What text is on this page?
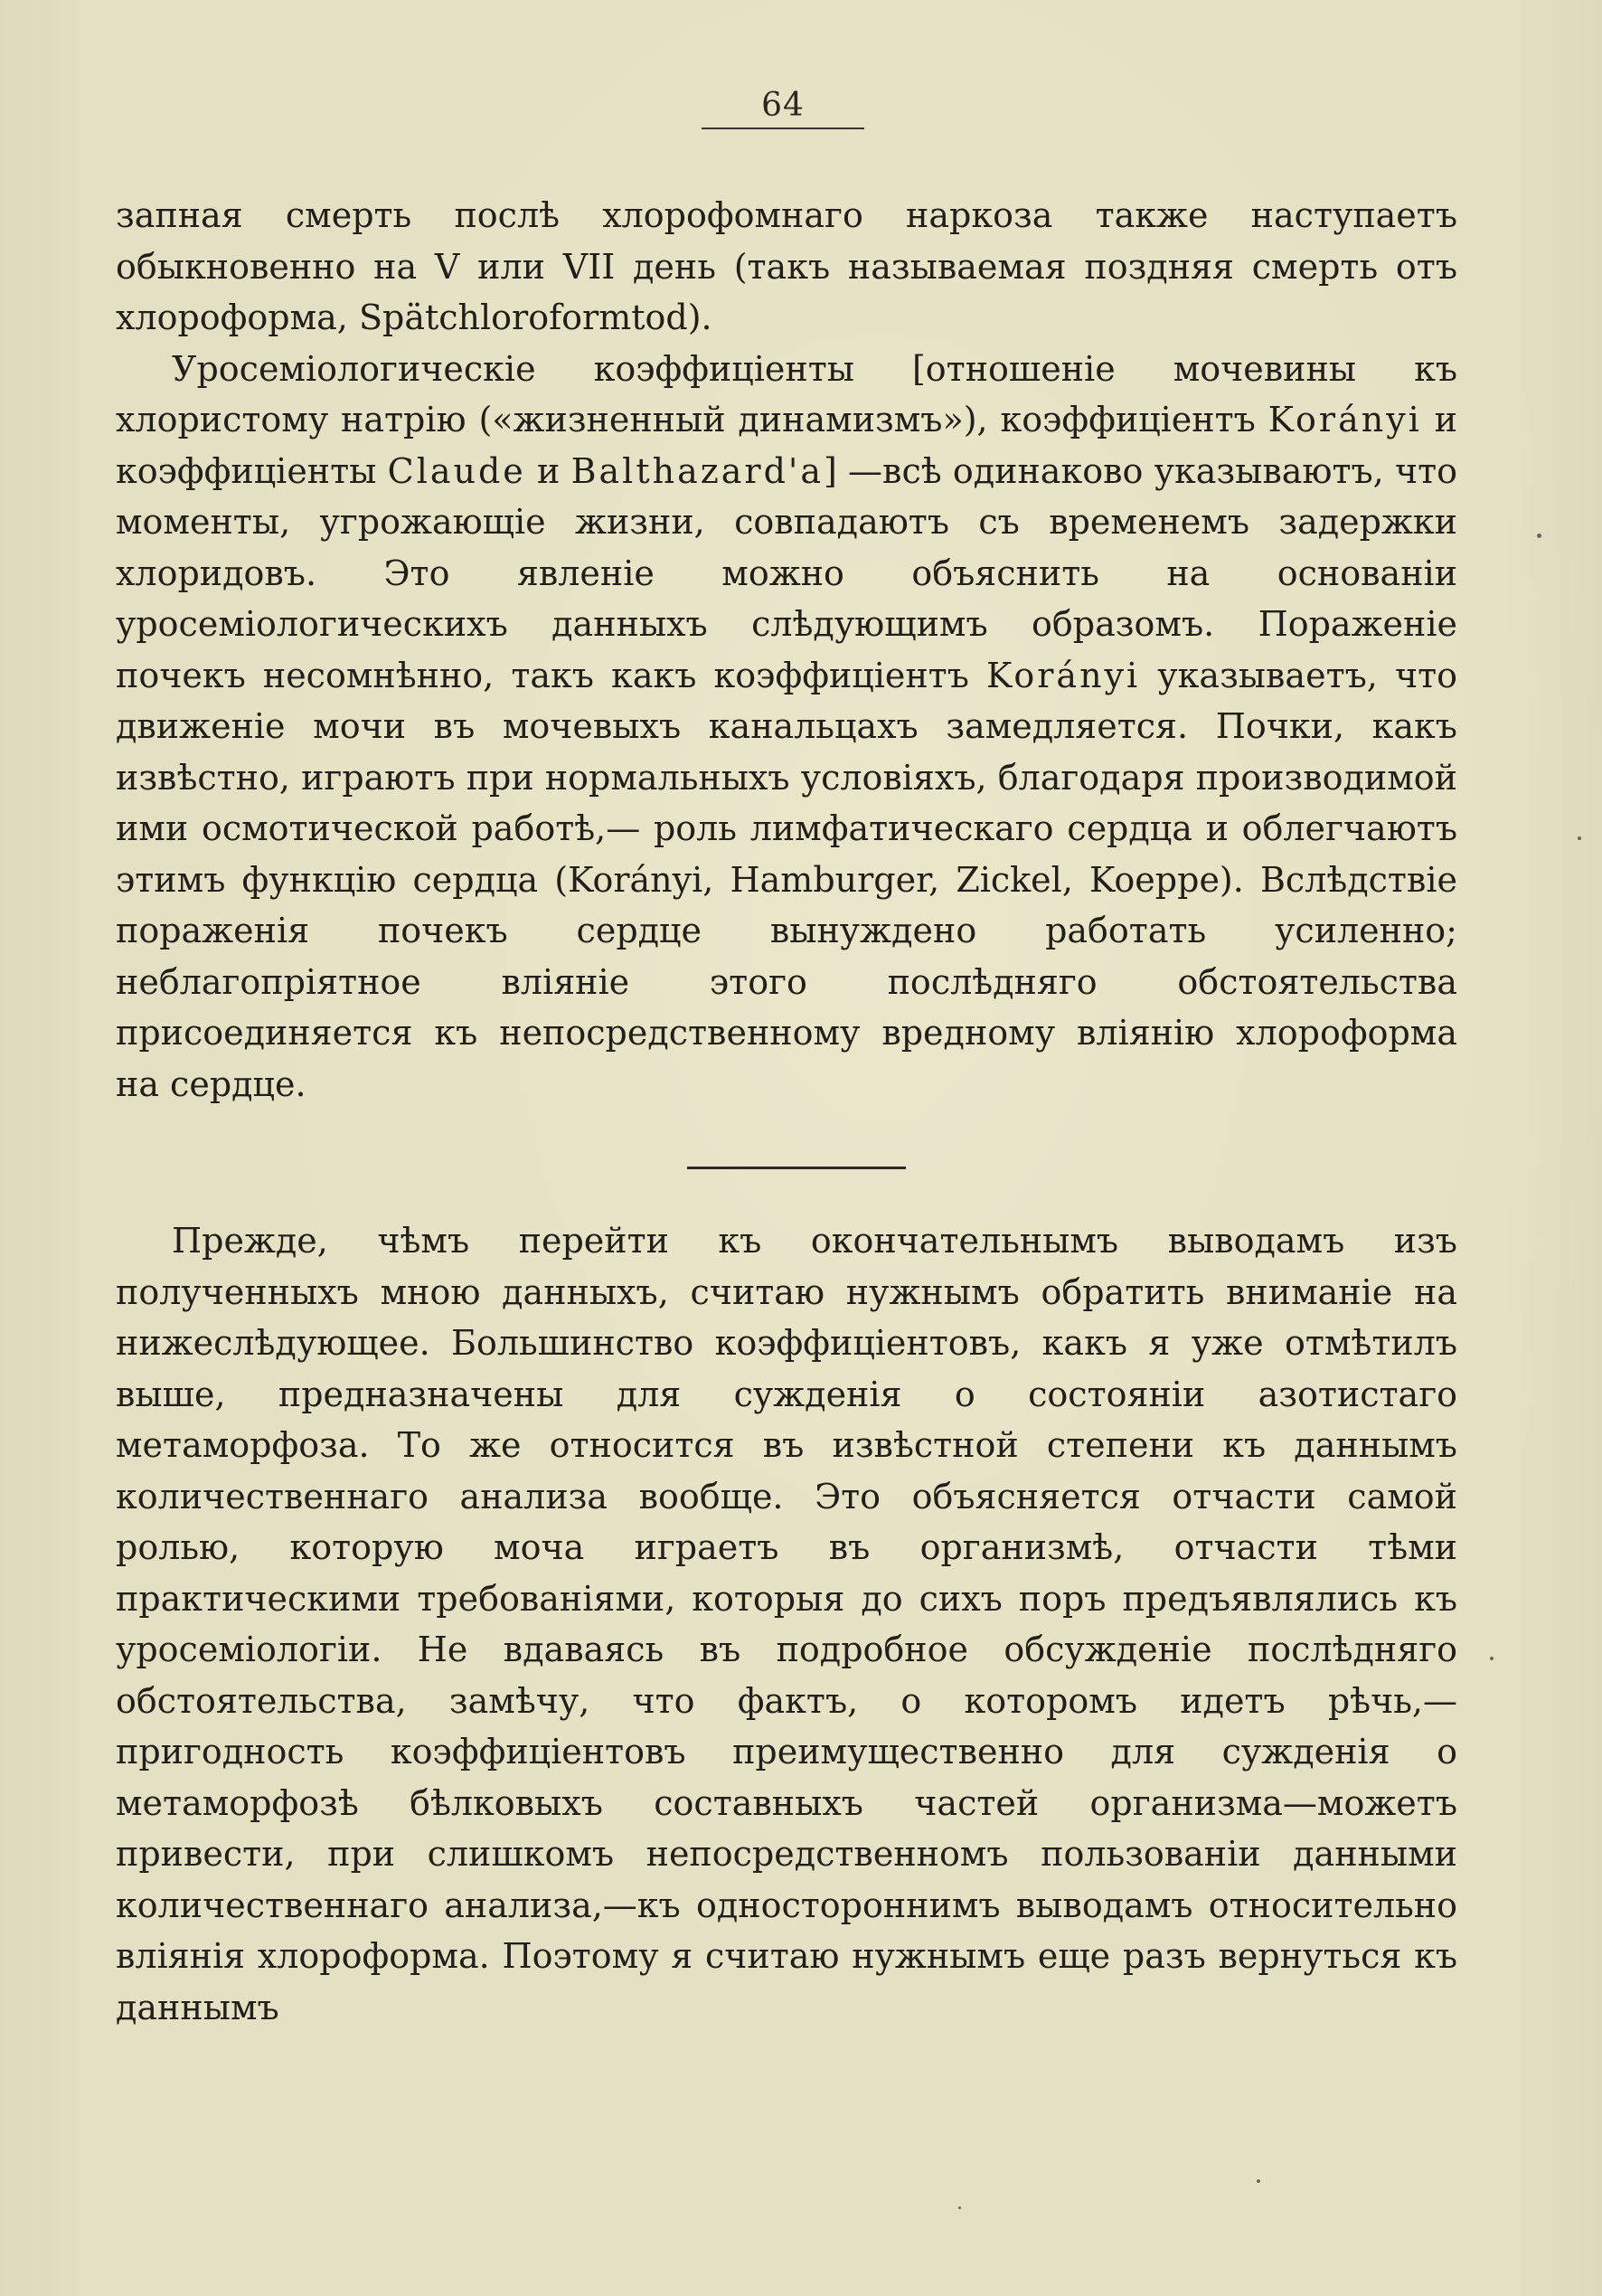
64

запная смерть послѣ хлорофомнаго наркоза также наступаетъ обыкновенно на V или VII день (такъ называемая поздняя смерть отъ хлороформа, Spätchloroformtod).

Уросеміологическіе коэффиціенты [отношеніе мочевины къ хлористому натрію («жизненный динамизмъ»), коэффиціентъ Korányi и коэффиціенты Claude и Balthazard'a] —всѣ одинаково указываютъ, что моменты, угрожающіе жизни, совпадаютъ съ временемъ задержки хлоридовъ. Это явленіе можно объяснить на основаніи уросеміологическихъ данныхъ слѣдующимъ образомъ. Пораженіе почекъ несомнѣнно, такъ какъ коэффиціентъ Korányi указываетъ, что движеніе мочи въ мочевыхъ канальцахъ замедляется. Почки, какъ извѣстно, играютъ при нормальныхъ условіяхъ, благодаря производимой ими осмотической работѣ,— роль лимфатическаго сердца и облегчаютъ этимъ функцію сердца (Korányi, Hamburger, Zickel, Koeppe). Вслѣдствіе пораженія почекъ сердце вынуждено работать усиленно; неблагопріятное вліяніе этого послѣдняго обстоятельства присоединяется къ непосредственному вредному вліянію хлороформа на сердце.

Прежде, чѣмъ перейти къ окончательнымъ выводамъ изъ полученныхъ мною данныхъ, считаю нужнымъ обратить вниманіе на нижеслѣдующее. Большинство коэффиціентовъ, какъ я уже отмѣтилъ выше, предназначены для сужденія о состояніи азотистаго метаморфоза. То же относится въ извѣстной степени къ даннымъ количественнаго анализа вообще. Это объясняется отчасти самой ролью, которую моча играетъ въ организмѣ, отчасти тѣми практическими требованіями, которыя до сихъ поръ предъявлялись къ уросеміологіи. Не вдаваясь въ подробное обсужденіе послѣдняго обстоятельства, замѣчу, что фактъ, о которомъ идетъ рѣчь,—пригодность коэффиціентовъ преимущественно для сужденія о метаморфозѣ бѣлковыхъ составныхъ частей организма—можетъ привести, при слишкомъ непосредственномъ пользованіи данными количественнаго анализа,—къ одностороннимъ выводамъ относительно вліянія хлороформа. Поэтому я считаю нужнымъ еще разъ вернуться къ даннымъ
